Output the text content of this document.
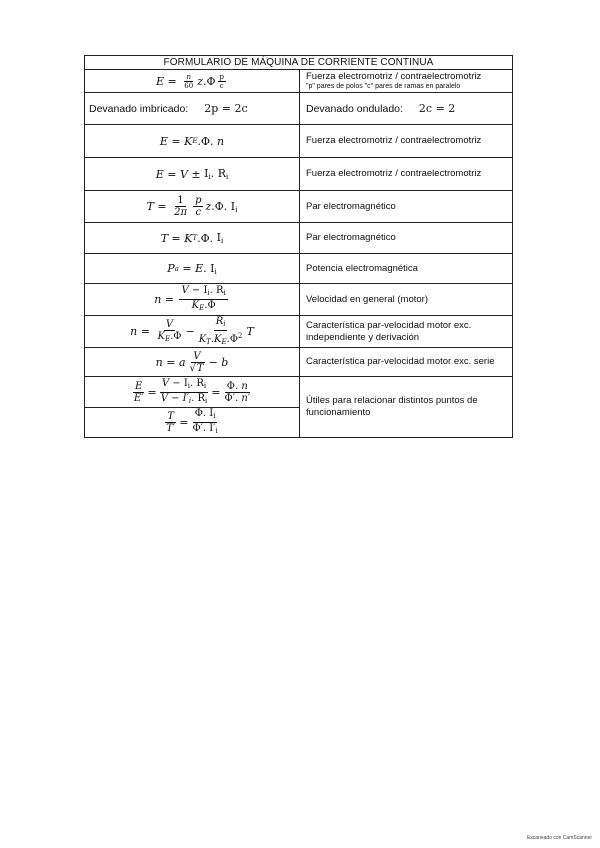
FORMULARIO DE MÁQUINA DE CORRIENTE CONTINUA
$E = \frac{n}{60} z$. Φ $\frac{p}{c}$	Fuerza electromotriz / contraelectromotriz
"p" pares de polos "c" pares de ramas en paralelo
Devanado imbricado: 2p = 2c	Devanado ondulado: 2c = 2
E = K E . Φ . n	Fuerza electromotriz / contraelectromotriz
$E = V \pm I_i$. $R_i$	Fuerza electromotriz / contraelectromotriz
$T = \frac{1}{2\pi} \frac{p}{c} z$. Φ . $I_i$	Par electromagnético
T = K T . Φ . $I_i$	Par electromagnético
P a = E. $I_i$	Potencia electromagnética
$n = \frac{V - I_i. R_i}{K_E.\Phi}$	Velocidad en general (motor)
$n = \frac{V}{K_E.\Phi} - \frac{R_i}{K_T.K_E.\Phi^2}$ T	Característica par-velocidad motor exc. independiente y derivación
n = a $\frac{V}{√T} - b$	Característica par-velocidad motor exc. serie
$\frac{E}{E'} = \frac{V - I_i. R_i}{V - I'_i. R_i} = \frac{\Phi. n}{\Phi'. n'}$
$\frac{T}{T'} = \frac{\Phi. I_i}{\Phi'. I'_i}$
Útiles para relacionar distintos puntos de funcionamiento
Escaneado con CamScanner
